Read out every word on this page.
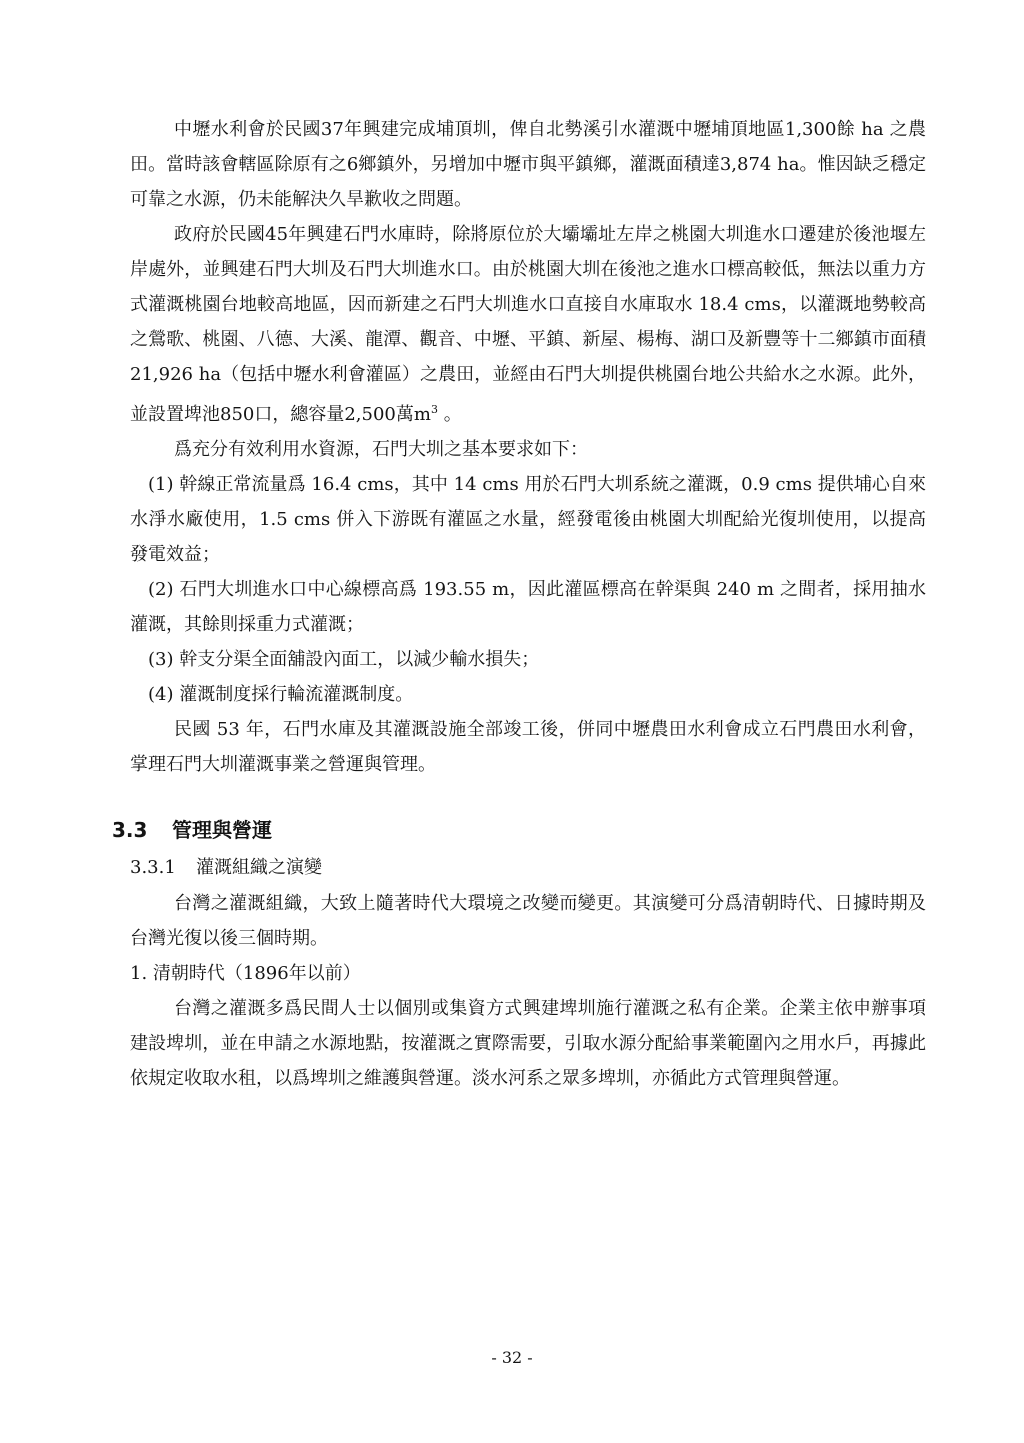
中壢水利會於民國37年興建完成埔頂圳，俾自北勢溪引水灌溉中壢埔頂地區1,300餘 ha 之農田。當時該會轄區除原有之6鄉鎮外，另增加中壢市與平鎮鄉，灌溉面積達3,874 ha。惟因缺乏穩定可靠之水源，仍未能解決久旱歉收之問題。

政府於民國45年興建石門水庫時，除將原位於大壩壩址左岸之桃園大圳進水口遷建於後池堰左岸處外，並興建石門大圳及石門大圳進水口。由於桃園大圳在後池之進水口標高較低，無法以重力方式灌溉桃園台地較高地區，因而新建之石門大圳進水口直接自水庫取水 18.4 cms，以灌溉地勢較高之鶯歌、桃園、八德、大溪、龍潭、觀音、中壢、平鎮、新屋、楊梅、湖口及新豐等十二鄉鎮市面積 21,926 ha（包括中壢水利會灌區）之農田，並經由石門大圳提供桃園台地公共給水之水源。此外，並設置埤池850口，總容量2,500萬$m^3$ 。

爲充分有效利用水資源，石門大圳之基本要求如下：

(1) 幹線正常流量爲 16.4 cms，其中 14 cms 用於石門大圳系統之灌溉，0.9 cms 提供埔心自來水淨水廠使用，1.5 cms 併入下游既有灌區之水量，經發電後由桃園大圳配給光復圳使用，以提高發電效益；

(2) 石門大圳進水口中心線標高爲 193.55 m，因此灌區標高在幹渠與 240 m 之間者，採用抽水灌溉，其餘則採重力式灌溉；

(3) 幹支分渠全面舖設內面工，以減少輸水損失；

(4) 灌溉制度採行輪流灌溉制度。

民國 53 年，石門水庫及其灌溉設施全部竣工後，併同中壢農田水利會成立石門農田水利會，掌理石門大圳灌溉事業之營運與管理。

3.3 管理與營運
3.3.1 灌溉組織之演變

台灣之灌溉組織，大致上隨著時代大環境之改變而變更。其演變可分爲清朝時代、日據時期及台灣光復以後三個時期。

1. 清朝時代（1896年以前）

台灣之灌溉多爲民間人士以個別或集資方式興建埤圳施行灌溉之私有企業。企業主依申辦事項建設埤圳，並在申請之水源地點，按灌溉之實際需要，引取水源分配給事業範圍內之用水戶，再據此依規定收取水租，以爲埤圳之維護與營運。淡水河系之眾多埤圳，亦循此方式管理與營運。

- 32 -
